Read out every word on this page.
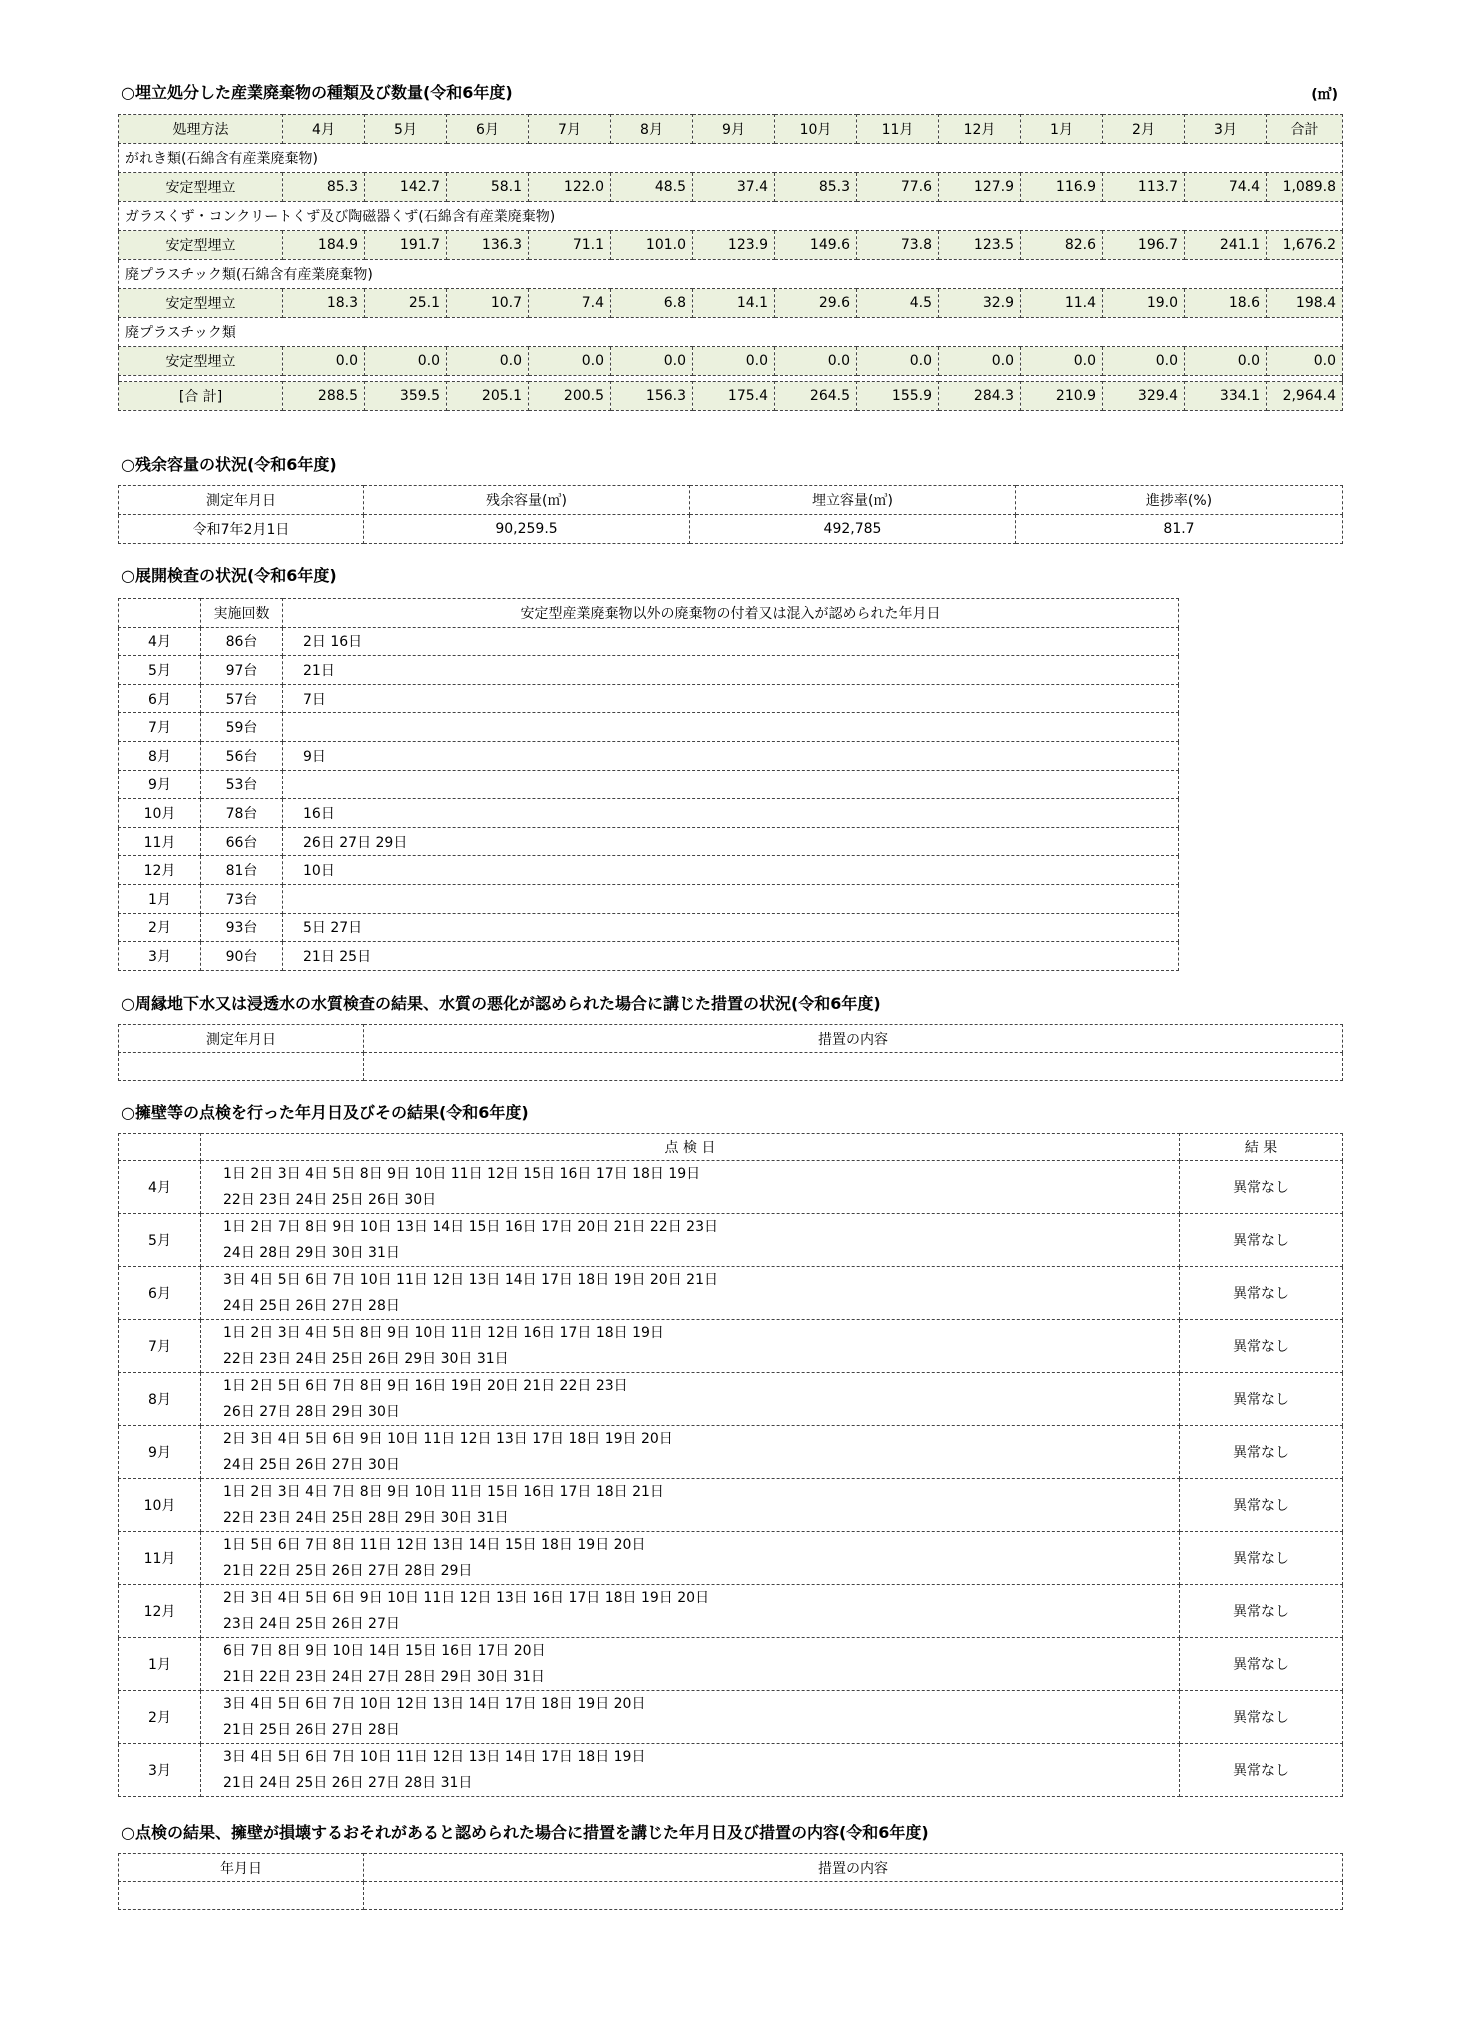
○埋立処分した産業廃棄物の種類及び数量(令和6年度)	(㎥)
処理方法	4月	5月	6月	7月	8月	9月	10月	11月	12月	1月	2月	3月	合計
がれき類(石綿含有産業廃棄物)													
安定型埋立	85.3	142.7	58.1	122.0	48.5	37.4	85.3	77.6	127.9	116.9	113.7	74.4	1,089.8
ガラスくず・コンクリートくず及び陶磁器くず(石綿含有産業廃棄物)													
安定型埋立	184.9	191.7	136.3	71.1	101.0	123.9	149.6	73.8	123.5	82.6	196.7	241.1	1,676.2
廃プラスチック類(石綿含有産業廃棄物)													
安定型埋立	18.3	25.1	10.7	7.4	6.8	14.1	29.6	4.5	32.9	11.4	19.0	18.6	198.4
廃プラスチック類													
安定型埋立	0.0	0.0	0.0	0.0	0.0	0.0	0.0	0.0	0.0	0.0	0.0	0.0	0.0

[合 計]	288.5	359.5	205.1	200.5	156.3	175.4	264.5	155.9	284.3	210.9	329.4	334.1	2,964.4
○残余容量の状況(令和6年度)
測定年月日	残余容量(㎥)	埋立容量(㎥)	進捗率(%)
令和7年2月1日	90,259.5	492,785	81.7
○展開検査の状況(令和6年度)
	実施回数	安定型産業廃棄物以外の廃棄物の付着又は混入が認められた年月日
4月	86台	2日 16日
5月	97台	21日
6月	57台	7日
7月	59台	
8月	56台	9日
9月	53台	
10月	78台	16日
11月	66台	26日 27日 29日
12月	81台	10日
1月	73台	
2月	93台	5日 27日
3月	90台	21日 25日
○周縁地下水又は浸透水の水質検査の結果、水質の悪化が認められた場合に講じた措置の状況(令和6年度)
測定年月日	措置の内容

○擁壁等の点検を行った年月日及びその結果(令和6年度)
	点 検 日	結 果
4月	1日 2日 3日 4日 5日 8日 9日 10日 11日 12日 15日 16日 17日 18日 19日
22日 23日 24日 25日 26日 30日	異常なし
5月	1日 2日 7日 8日 9日 10日 13日 14日 15日 16日 17日 20日 21日 22日 23日
24日 28日 29日 30日 31日	異常なし
6月	3日 4日 5日 6日 7日 10日 11日 12日 13日 14日 17日 18日 19日 20日 21日
24日 25日 26日 27日 28日	異常なし
7月	1日 2日 3日 4日 5日 8日 9日 10日 11日 12日 16日 17日 18日 19日
22日 23日 24日 25日 26日 29日 30日 31日	異常なし
8月	1日 2日 5日 6日 7日 8日 9日 16日 19日 20日 21日 22日 23日
26日 27日 28日 29日 30日	異常なし
9月	2日 3日 4日 5日 6日 9日 10日 11日 12日 13日 17日 18日 19日 20日
24日 25日 26日 27日 30日	異常なし
10月	1日 2日 3日 4日 7日 8日 9日 10日 11日 15日 16日 17日 18日 21日
22日 23日 24日 25日 28日 29日 30日 31日	異常なし
11月	1日 5日 6日 7日 8日 11日 12日 13日 14日 15日 18日 19日 20日
21日 22日 25日 26日 27日 28日 29日	異常なし
12月	2日 3日 4日 5日 6日 9日 10日 11日 12日 13日 16日 17日 18日 19日 20日
23日 24日 25日 26日 27日	異常なし
1月	6日 7日 8日 9日 10日 14日 15日 16日 17日 20日
21日 22日 23日 24日 27日 28日 29日 30日 31日	異常なし
2月	3日 4日 5日 6日 7日 10日 12日 13日 14日 17日 18日 19日 20日
21日 25日 26日 27日 28日	異常なし
3月	3日 4日 5日 6日 7日 10日 11日 12日 13日 14日 17日 18日 19日
21日 24日 25日 26日 27日 28日 31日	異常なし
○点検の結果、擁壁が損壊するおそれがあると認められた場合に措置を講じた年月日及び措置の内容(令和6年度)
年月日	措置の内容
